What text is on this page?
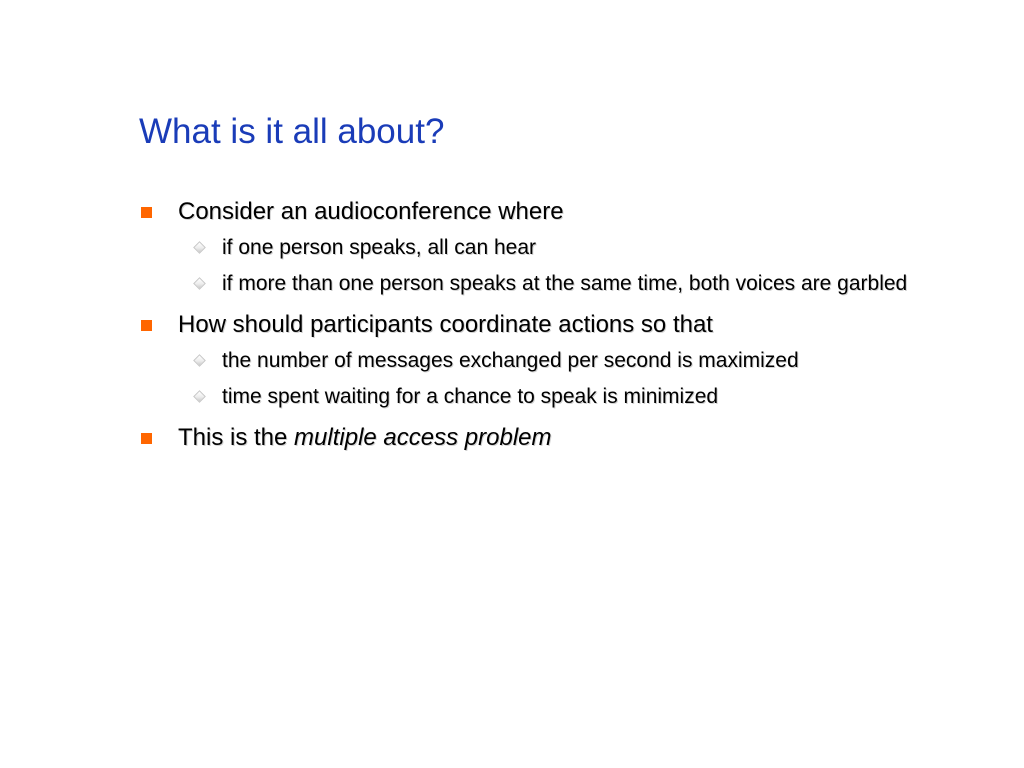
What is it all about?
Consider an audioconference where
if one person speaks, all can hear
if more than one person speaks at the same time, both voices are garbled
How should participants coordinate actions so that
the number of messages exchanged per second is maximized
time spent waiting for a chance to speak is minimized
This is the multiple access problem
